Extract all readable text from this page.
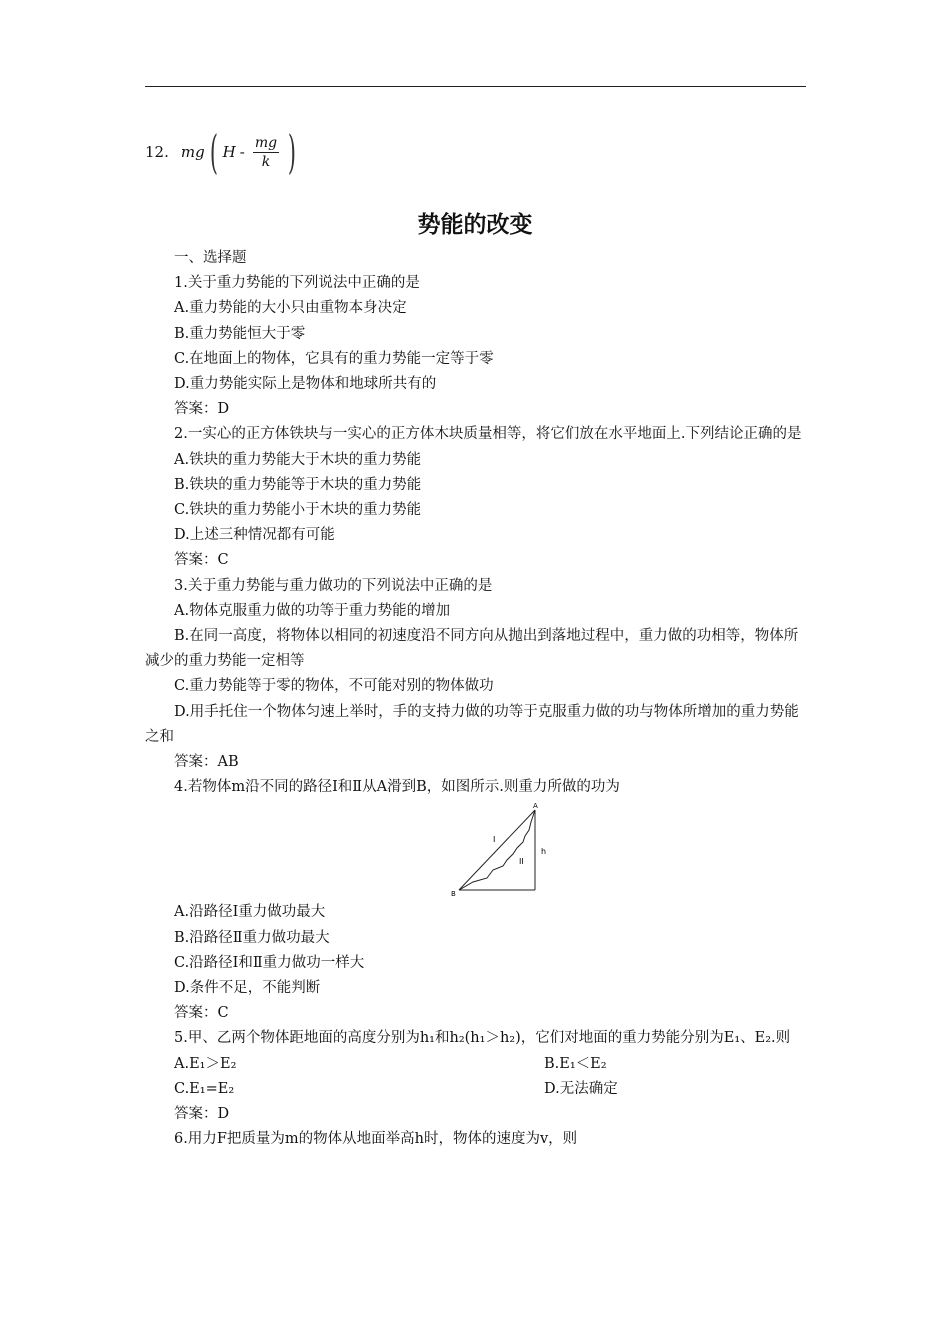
12. mg ( H - $\frac{mg}{k}$ )
势能的改变

一、选择题

1.关于重力势能的下列说法中正确的是

A.重力势能的大小只由重物本身决定

B.重力势能恒大于零

C.在地面上的物体，它具有的重力势能一定等于零

D.重力势能实际上是物体和地球所共有的

答案：D

2.一实心的正方体铁块与一实心的正方体木块质量相等，将它们放在水平地面上.下列结论正确的是

A.铁块的重力势能大于木块的重力势能

B.铁块的重力势能等于木块的重力势能

C.铁块的重力势能小于木块的重力势能

D.上述三种情况都有可能

答案：C

3.关于重力势能与重力做功的下列说法中正确的是

A.物体克服重力做的功等于重力势能的增加

B.在同一高度，将物体以相同的初速度沿不同方向从抛出到落地过程中，重力做的功相等，物体所减少的重力势能一定相等

C.重力势能等于零的物体，不可能对别的物体做功

D.用手托住一个物体匀速上举时，手的支持力做的功等于克服重力做的功与物体所增加的重力势能之和

答案：AB

4.若物体m沿不同的路径Ⅰ和Ⅱ从A滑到B，如图所示.则重力所做的功为

A
B
h
I
II

A.沿路径Ⅰ重力做功最大

B.沿路径Ⅱ重力做功最大

C.沿路径Ⅰ和Ⅱ重力做功一样大

D.条件不足，不能判断

答案：C

5.甲、乙两个物体距地面的高度分别为h₁和h₂(h₁＞h₂)，它们对地面的重力势能分别为E₁、E₂.则

A.E₁＞E₂	B.E₁＜E₂

C.E₁=E₂	D.无法确定

答案：D

6.用力F把质量为m的物体从地面举高h时，物体的速度为v，则
